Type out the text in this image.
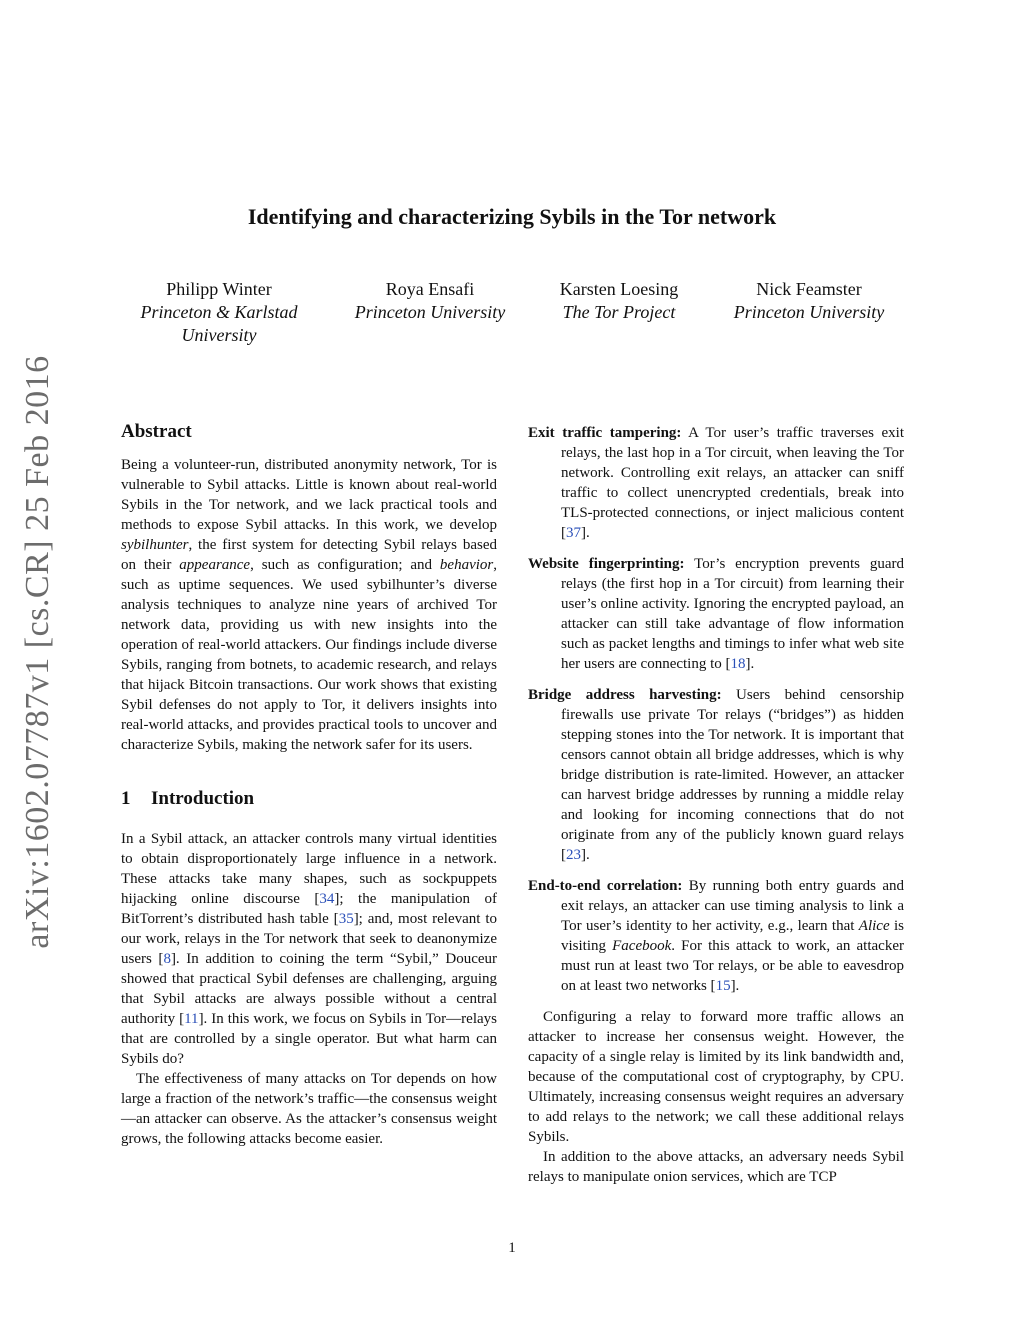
arXiv:1602.07787v1 [cs.CR] 25 Feb 2016
Identifying and characterizing Sybils in the Tor network
Philipp Winter
Princeton & Karlstad University
Roya Ensafi
Princeton University
Karsten Loesing
The Tor Project
Nick Feamster
Princeton University
Abstract

Being a volunteer-run, distributed anonymity network, Tor is vulnerable to Sybil attacks. Little is known about real-world Sybils in the Tor network, and we lack practical tools and methods to expose Sybil attacks. In this work, we develop sybilhunter, the first system for detecting Sybil relays based on their appearance, such as configuration; and behavior, such as uptime sequences. We used sybilhunter’s diverse analysis techniques to analyze nine years of archived Tor network data, providing us with new insights into the operation of real-world attackers. Our findings include diverse Sybils, ranging from botnets, to academic research, and relays that hijack Bitcoin transactions. Our work shows that existing Sybil defenses do not apply to Tor, it delivers insights into real-world attacks, and provides practical tools to uncover and characterize Sybils, making the network safer for its users.

1 Introduction

In a Sybil attack, an attacker controls many virtual identities to obtain disproportionately large influence in a network. These attacks take many shapes, such as sockpuppets hijacking online discourse [34]; the manipulation of BitTorrent’s distributed hash table [35]; and, most relevant to our work, relays in the Tor network that seek to deanonymize users [8]. In addition to coining the term “Sybil,” Douceur showed that practical Sybil defenses are challenging, arguing that Sybil attacks are always possible without a central authority [11]. In this work, we focus on Sybils in Tor—relays that are controlled by a single operator. But what harm can Sybils do?

The effectiveness of many attacks on Tor depends on how large a fraction of the network’s traffic—the consensus weight—an attacker can observe. As the attacker’s consensus weight grows, the following attacks become easier.

Exit traffic tampering: A Tor user’s traffic traverses exit relays, the last hop in a Tor circuit, when leaving the Tor network. Controlling exit relays, an attacker can sniff traffic to collect unencrypted credentials, break into TLS-protected connections, or inject malicious content [37].

Website fingerprinting: Tor’s encryption prevents guard relays (the first hop in a Tor circuit) from learning their user’s online activity. Ignoring the encrypted payload, an attacker can still take advantage of flow information such as packet lengths and timings to infer what web site her users are connecting to [18].

Bridge address harvesting: Users behind censorship firewalls use private Tor relays (“bridges”) as hidden stepping stones into the Tor network. It is important that censors cannot obtain all bridge addresses, which is why bridge distribution is rate-limited. However, an attacker can harvest bridge addresses by running a middle relay and looking for incoming connections that do not originate from any of the publicly known guard relays [23].

End-to-end correlation: By running both entry guards and exit relays, an attacker can use timing analysis to link a Tor user’s identity to her activity, e.g., learn that Alice is visiting Facebook. For this attack to work, an attacker must run at least two Tor relays, or be able to eavesdrop on at least two networks [15].

Configuring a relay to forward more traffic allows an attacker to increase her consensus weight. However, the capacity of a single relay is limited by its link bandwidth and, because of the computational cost of cryptography, by CPU. Ultimately, increasing consensus weight requires an adversary to add relays to the network; we call these additional relays Sybils.

In addition to the above attacks, an adversary needs Sybil relays to manipulate onion services, which are TCP

1
